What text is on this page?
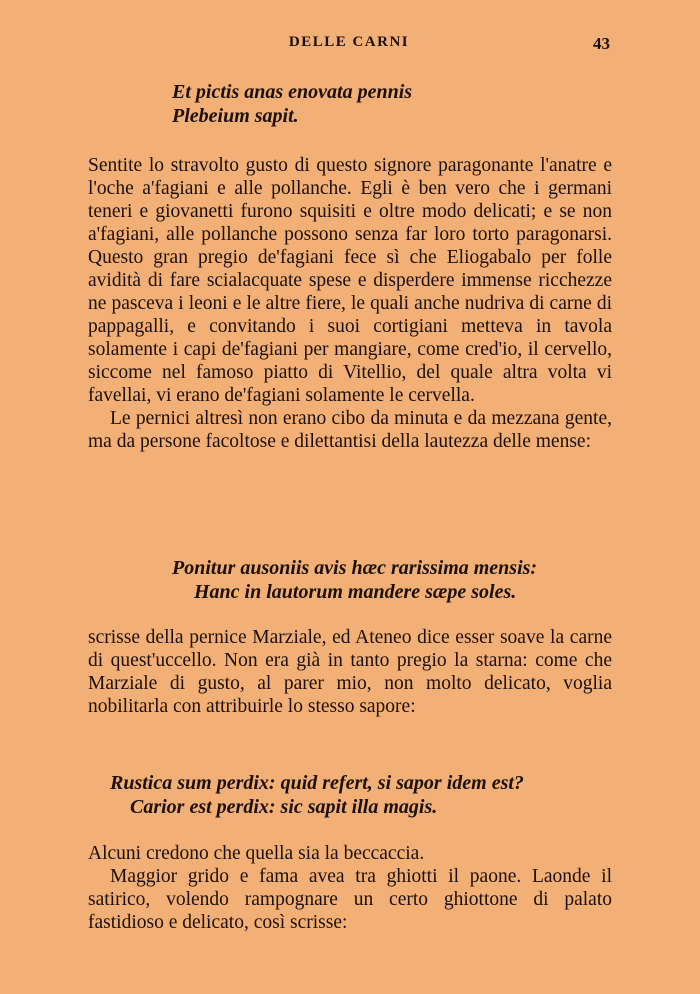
DELLE CARNI	43
Et pictis anas enovata pennis
Plebeium sapit.

Sentite lo stravolto gusto di questo signore paragonante l'anatre e l'oche a'fagiani e alle pollanche. Egli è ben vero che i germani teneri e giovanetti furono squisiti e oltre modo delicati; e se non a'fagiani, alle pollanche possono senza far loro torto paragonarsi. Questo gran pregio de'fagiani fece sì che Eliogabalo per folle avidità di fare scialacquate spese e disperdere immense ricchezze ne pasceva i leoni e le altre fiere, le quali anche nudriva di carne di pappagalli, e convitando i suoi cortigiani metteva in tavola solamente i capi de'fagiani per mangiare, come cred'io, il cervello, siccome nel famoso piatto di Vitellio, del quale altra volta vi favellai, vi erano de'fagiani solamente le cervella.

Le pernici altresì non erano cibo da minuta e da mezzana gente, ma da persone facoltose e dilettantisi della lautezza delle mense:

Ponitur ausoniis avis hæc rarissima mensis:
Hanc in lautorum mandere sæpe soles.

scrisse della pernice Marziale, ed Ateneo dice esser soave la carne di quest'uccello. Non era già in tanto pregio la starna: come che Marziale di gusto, al parer mio, non molto delicato, voglia nobilitarla con attribuirle lo stesso sapore:

Rustica sum perdix: quid refert, si sapor idem est?
Carior est perdix: sic sapit illa magis.

Alcuni credono che quella sia la beccaccia.

Maggior grido e fama avea tra ghiotti il paone. Laonde il satirico, volendo rampognare un certo ghiottone di palato fastidioso e delicato, così scrisse:
